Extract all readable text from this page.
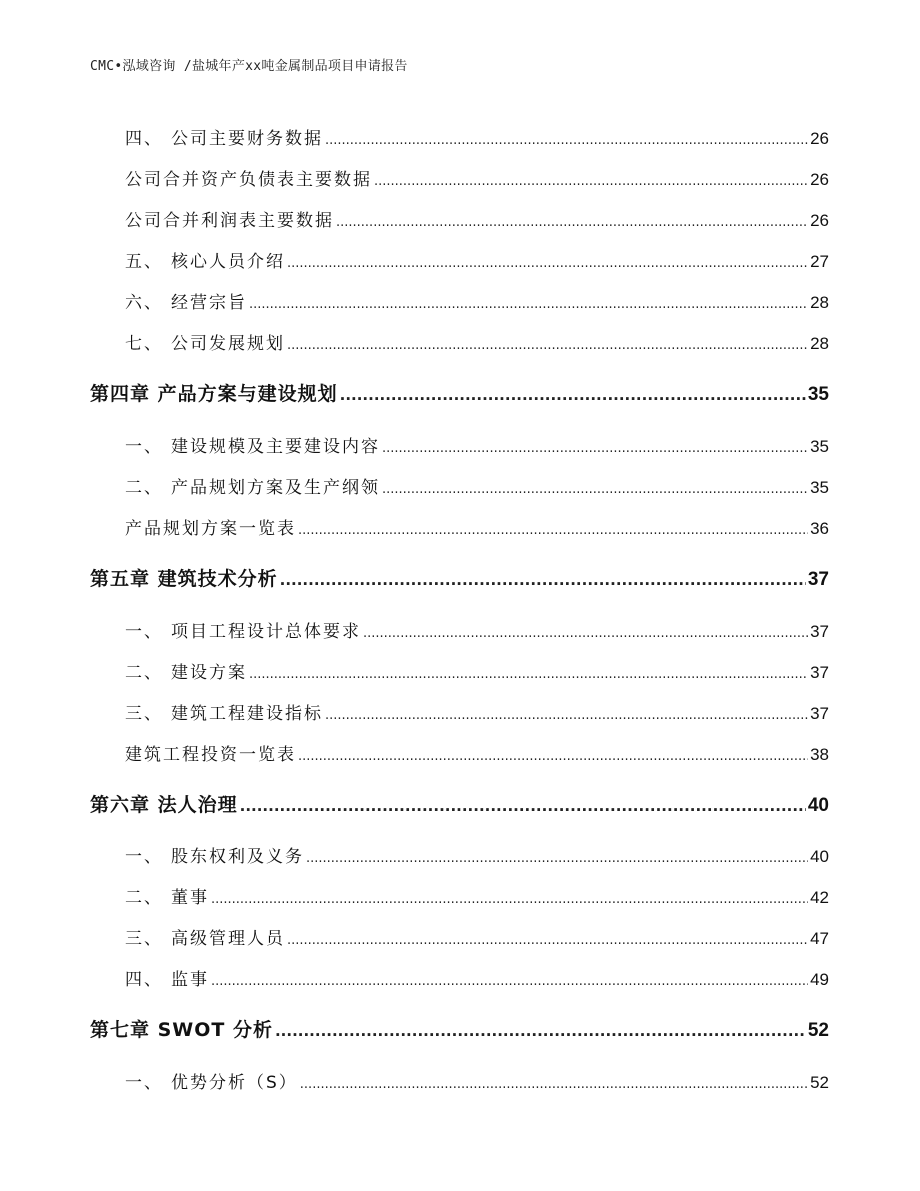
CMC•泓域咨询 /盐城年产xx吨金属制品项目申请报告
四、 公司主要财务数据 .....	26
公司合并资产负债表主要数据 .....	26
公司合并利润表主要数据 .....	26
五、 核心人员介绍 .....	27
六、 经营宗旨 .....	28
七、 公司发展规划 .....	28
第四章 产品方案与建设规划 .....	35
一、 建设规模及主要建设内容 .....	35
二、 产品规划方案及生产纲领 .....	35
产品规划方案一览表 .....	36
第五章 建筑技术分析 .....	37
一、 项目工程设计总体要求 .....	37
二、 建设方案 .....	37
三、 建筑工程建设指标 .....	37
建筑工程投资一览表 .....	38
第六章 法人治理 .....	40
一、 股东权利及义务 .....	40
二、 董事 .....	42
三、 高级管理人员 .....	47
四、 监事 .....	49
第七章 SWOT 分析 .....	52
一、 优势分析（S） .....	52
